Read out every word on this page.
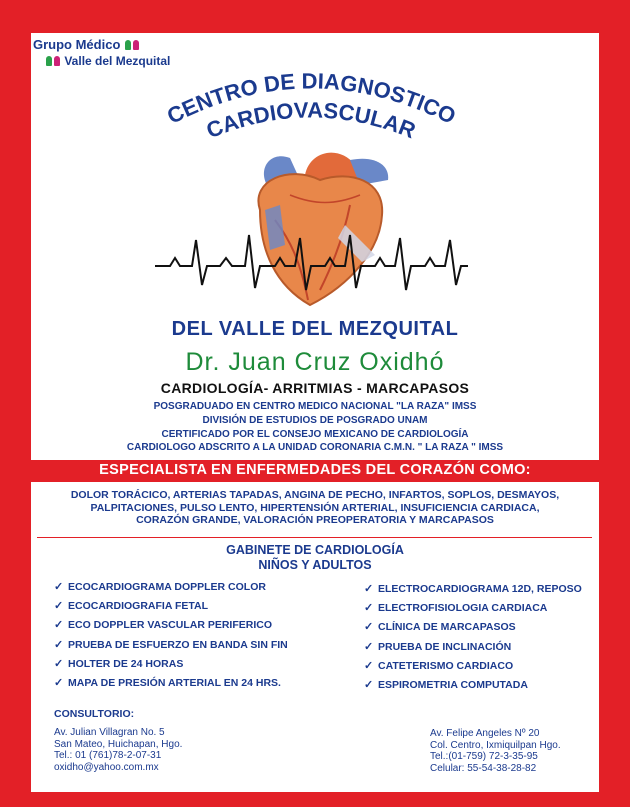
Grupo Médico
Valle del Mezquital
CENTRO DE DIAGNOSTICO
CARDIOVASCULAR
DEL VALLE DEL MEZQUITAL
Dr. Juan Cruz Oxidhó
CARDIOLOGÍA- ARRITMIAS - MARCAPASOS
POSGRADUADO EN CENTRO MEDICO NACIONAL "LA RAZA" IMSS
DIVISIÓN DE ESTUDIOS DE POSGRADO UNAM
CERTIFICADO POR EL CONSEJO MEXICANO DE CARDIOLOGÍA
CARDIOLOGO ADSCRITO A LA UNIDAD CORONARIA C.M.N. " LA RAZA " IMSS
ESPECIALISTA EN ENFERMEDADES DEL CORAZÓN COMO:
DOLOR TORÁCICO, ARTERIAS TAPADAS, ANGINA DE PECHO, INFARTOS, SOPLOS, DESMAYOS,
PALPITACIONES, PULSO LENTO, HIPERTENSIÓN ARTERIAL, INSUFICIENCIA CARDIACA,
CORAZÓN GRANDE, VALORACIÓN PREOPERATORIA Y MARCAPASOS
GABINETE DE CARDIOLOGÍA
NIÑOS Y ADULTOS
✓ ECOCARDIOGRAMA DOPPLER COLOR
✓ ECOCARDIOGRAFIA FETAL
✓ ECO DOPPLER VASCULAR PERIFERICO
✓ PRUEBA DE ESFUERZO EN BANDA SIN FIN
✓ HOLTER DE 24 HORAS
✓ MAPA DE PRESIÓN ARTERIAL EN 24 HRS.
✓ ELECTROCARDIOGRAMA 12D, REPOSO
✓ ELECTROFISIOLOGIA CARDIACA
✓ CLÍNICA DE MARCAPASOS
✓ PRUEBA DE INCLINACIÓN
✓ CATETERISMO CARDIACO
✓ ESPIROMETRIA COMPUTADA
CONSULTORIO:
Av. Julian Villagran No. 5
San Mateo, Huichapan, Hgo.
Tel.: 01 (761)78-2-07-31
oxidho@yahoo.com.mx
Av. Felipe Angeles Nº 20
Col. Centro, Ixmiquilpan Hgo.
Tel.:(01-759) 72-3-35-95
Celular: 55-54-38-28-82
